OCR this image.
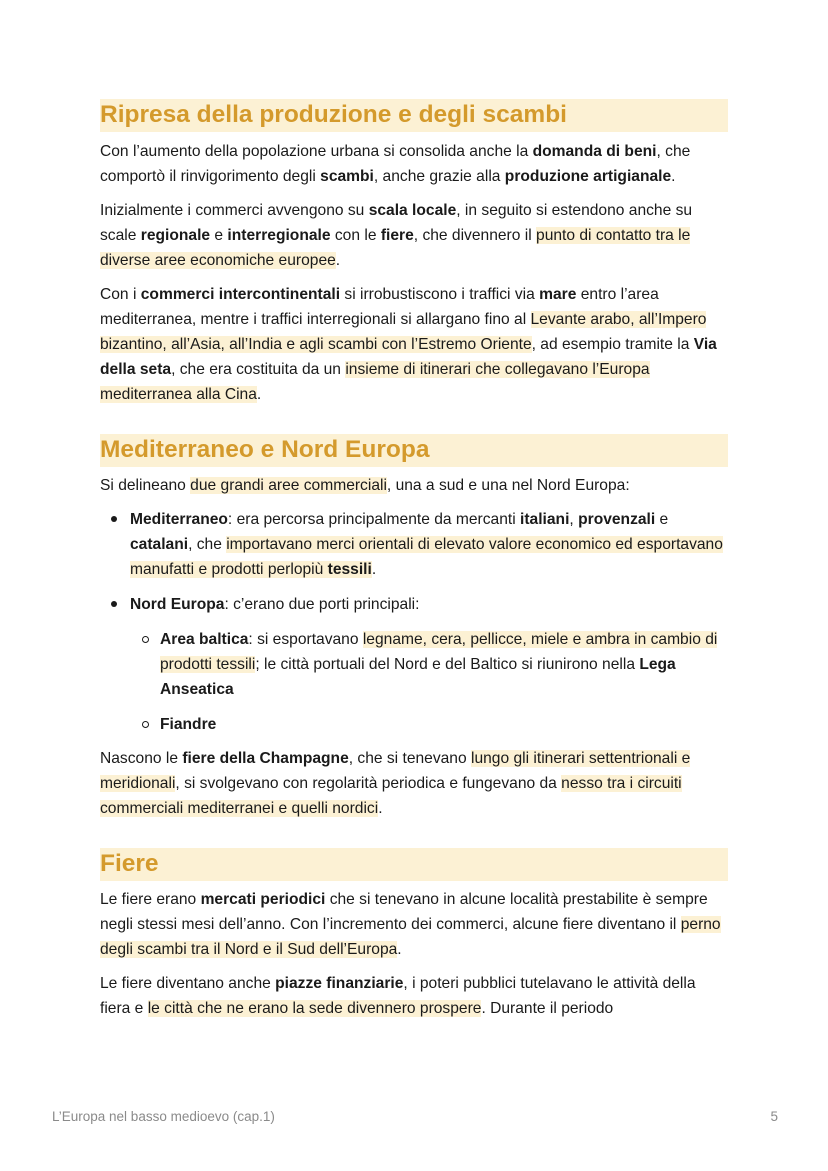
Ripresa della produzione e degli scambi

Con l’aumento della popolazione urbana si consolida anche la domanda di beni, che comportò il rinvigorimento degli scambi, anche grazie alla produzione artigianale.

Inizialmente i commerci avvengono su scala locale, in seguito si estendono anche su scale regionale e interregionale con le fiere, che divennero il punto di contatto tra le diverse aree economiche europee.

Con i commerci intercontinentali si irrobustiscono i traffici via mare entro l’area mediterranea, mentre i traffici interregionali si allargano fino al Levante arabo, all’Impero bizantino, all’Asia, all’India e agli scambi con l’Estremo Oriente, ad esempio tramite la Via della seta, che era costituita da un insieme di itinerari che collegavano l’Europa mediterranea alla Cina.

Mediterraneo e Nord Europa

Si delineano due grandi aree commerciali, una a sud e una nel Nord Europa:

Mediterraneo: era percorsa principalmente da mercanti italiani, provenzali e catalani, che importavano merci orientali di elevato valore economico ed esportavano manufatti e prodotti perlopiù tessili.
Nord Europa: c’erano due porti principali:
Area baltica: si esportavano legname, cera, pellicce, miele e ambra in cambio di prodotti tessili; le città portuali del Nord e del Baltico si riunirono nella Lega Anseatica
Fiandre

Nascono le fiere della Champagne, che si tenevano lungo gli itinerari settentrionali e meridionali, si svolgevano con regolarità periodica e fungevano da nesso tra i circuiti commerciali mediterranei e quelli nordici.

Fiere

Le fiere erano mercati periodici che si tenevano in alcune località prestabilite è sempre negli stessi mesi dell’anno. Con l’incremento dei commerci, alcune fiere diventano il perno degli scambi tra il Nord e il Sud dell’Europa.

Le fiere diventano anche piazze finanziarie, i poteri pubblici tutelavano le attività della fiera e le città che ne erano la sede divennero prospere. Durante il periodo

L’Europa nel basso medioevo (cap.1)	5
